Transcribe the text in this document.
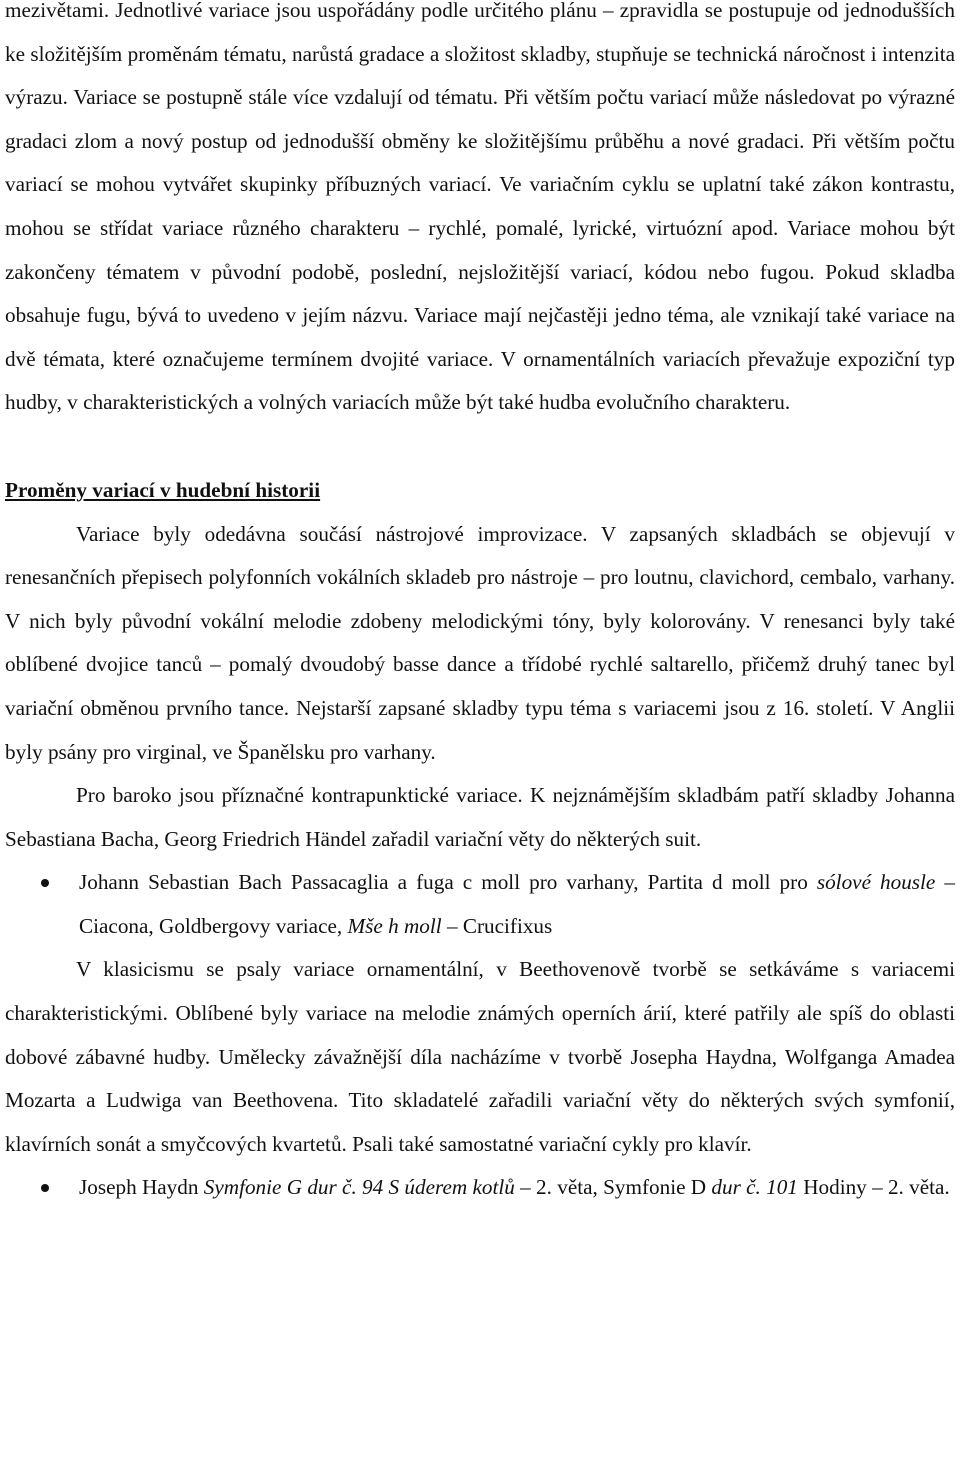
mezivětami. Jednotlivé variace jsou uspořádány podle určitého plánu – zpravidla se postupuje od jednodušších ke složitějším proměnám tématu, narůstá gradace a složitost skladby, stupňuje se technická náročnost i intenzita výrazu. Variace se postupně stále více vzdalují od tématu. Při větším počtu variací může následovat po výrazné gradaci zlom a nový postup od jednodušší obměny ke složitějšímu průběhu a nové gradaci. Při větším počtu variací se mohou vytvářet skupinky příbuzných variací. Ve variačním cyklu se uplatní také zákon kontrastu, mohou se střídat variace různého charakteru – rychlé, pomalé, lyrické, virtuózní apod. Variace mohou být zakončeny tématem v původní podobě, poslední, nejsložitější variací, kódou nebo fugou. Pokud skladba obsahuje fugu, bývá to uvedeno v jejím názvu. Variace mají nejčastěji jedno téma, ale vznikají také variace na dvě témata, které označujeme termínem dvojité variace. V ornamentálních variacích převažuje expoziční typ hudby, v charakteristických a volných variacích může být také hudba evolučního charakteru.

Proměny variací v hudební historii

Variace byly odedávna součásí nástrojové improvizace. V zapsaných skladbách se objevují v renesančních přepisech polyfonních vokálních skladeb pro nástroje – pro loutnu, clavichord, cembalo, varhany. V nich byly původní vokální melodie zdobeny melodickými tóny, byly kolorovány. V renesanci byly také oblíbené dvojice tanců – pomalý dvoudobý basse dance a třídobé rychlé saltarello, přičemž druhý tanec byl variační obměnou prvního tance. Nejstarší zapsané skladby typu téma s variacemi jsou z 16. století. V Anglii byly psány pro virginal, ve Španělsku pro varhany.

Pro baroko jsou příznačné kontrapunktické variace. K nejznámějším skladbám patří skladby Johanna Sebastiana Bacha, Georg Friedrich Händel zařadil variační věty do některých suit.

Johann Sebastian Bach Passacaglia a fuga c moll pro varhany, Partita d moll pro sólové housle – Ciacona, Goldbergovy variace, Mše h moll – Crucifixus

V klasicismu se psaly variace ornamentální, v Beethovenově tvorbě se setkáváme s variacemi charakteristickými. Oblíbené byly variace na melodie známých operních árií, které patřily ale spíš do oblasti dobové zábavné hudby. Umělecky závažnější díla nacházíme v tvorbě Josepha Haydna, Wolfganga Amadea Mozarta a Ludwiga van Beethovena. Tito skladatelé zařadili variační věty do některých svých symfonií, klavírních sonát a smyčcových kvartetů. Psali také samostatné variační cykly pro klavír.

Joseph Haydn Symfonie G dur č. 94 S úderem kotlů – 2. věta, Symfonie D dur č. 101 Hodiny – 2. věta.
